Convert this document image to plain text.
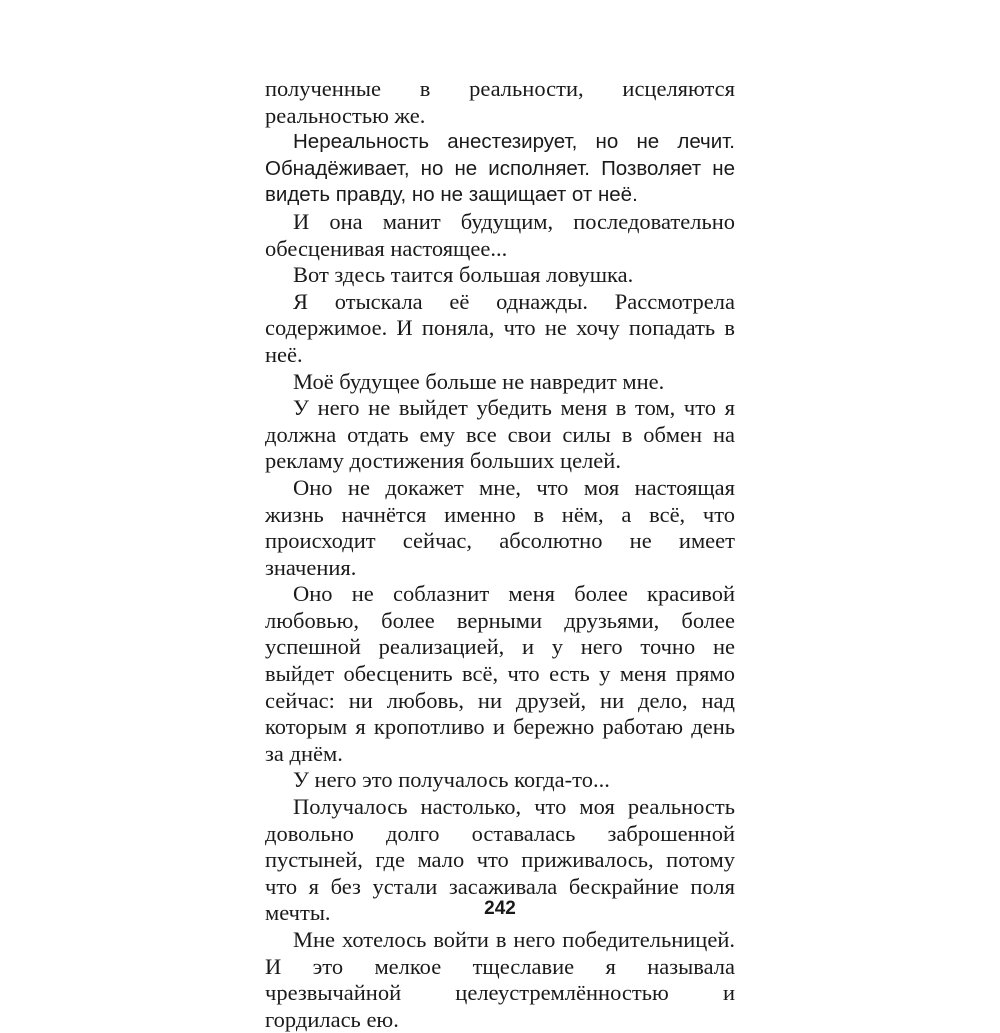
полученные в реальности, исцеляются реальностью же.

Нереальность анестезирует, но не лечит. Обнадёживает, но не исполняет. Позволяет не видеть правду, но не защищает от неё.

И она манит будущим, последовательно обесценивая настоящее...

Вот здесь таится большая ловушка.

Я отыскала её однажды. Рассмотрела содержимое. И поняла, что не хочу попадать в неё.

Моё будущее больше не навредит мне.

У него не выйдет убедить меня в том, что я должна отдать ему все свои силы в обмен на рекламу достижения больших целей.

Оно не докажет мне, что моя настоящая жизнь начнётся именно в нём, а всё, что происходит сейчас, абсолютно не имеет значения.

Оно не соблазнит меня более красивой любовью, более верными друзьями, более успешной реализацией, и у него точно не выйдет обесценить всё, что есть у меня прямо сейчас: ни любовь, ни друзей, ни дело, над которым я кропотливо и бережно работаю день за днём.

У него это получалось когда-то...

Получалось настолько, что моя реальность довольно долго оставалась заброшенной пустыней, где мало что приживалось, потому что я без устали засаживала бескрайние поля мечты.

Мне хотелось войти в него победительницей. И это мелкое тщеславие я называла чрезвычайной целеустремлённостью и гордилась ею.

242
